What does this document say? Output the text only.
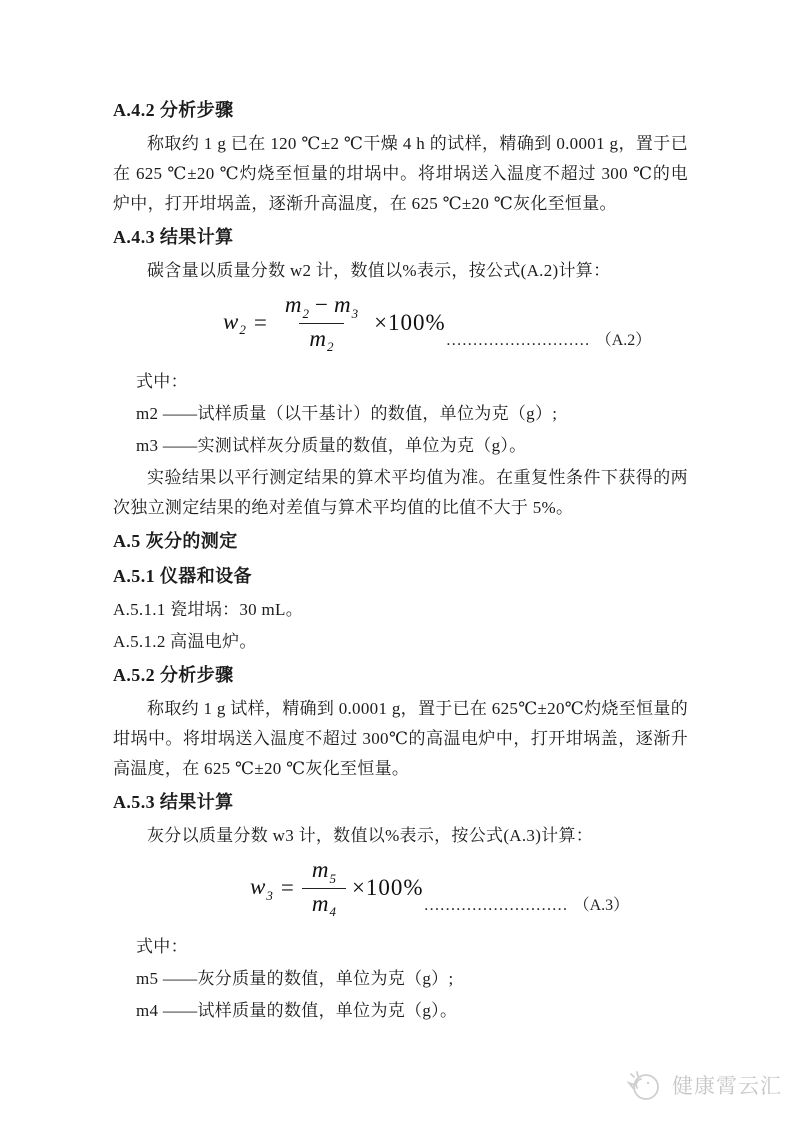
A.4.2 分析步骤

称取约 1 g 已在 120 ℃±2 ℃干燥 4 h 的试样，精确到 0.0001 g，置于已在 625 ℃±20 ℃灼烧至恒量的坩埚中。将坩埚送入温度不超过 300 ℃的电炉中，打开坩埚盖，逐渐升高温度，在 625 ℃±20 ℃灰化至恒量。

A.4.3 结果计算

碳含量以质量分数 w2 计，数值以%表示，按公式(A.2)计算：

$w_2 = \frac{m_2 - m_3}{m_2} \times 100\%$
……………………… （A.2）

式中：

m2 ——试样质量（以干基计）的数值，单位为克（g）;

m3 ——实测试样灰分质量的数值，单位为克（g）。

实验结果以平行测定结果的算术平均值为准。在重复性条件下获得的两次独立测定结果的绝对差值与算术平均值的比值不大于 5%。

A.5 灰分的测定
A.5.1 仪器和设备

A.5.1.1 瓷坩埚：30 mL。

A.5.1.2 高温电炉。

A.5.2 分析步骤

称取约 1 g 试样，精确到 0.0001 g，置于已在 625℃±20℃灼烧至恒量的坩埚中。将坩埚送入温度不超过 300℃的高温电炉中，打开坩埚盖，逐渐升高温度，在 625 ℃±20 ℃灰化至恒量。

A.5.3 结果计算

灰分以质量分数 w3 计，数值以%表示，按公式(A.3)计算：

$w_3 = \frac{m_5}{m_4} \times 100\%$
……………………… （A.3）

式中：

m5 ——灰分质量的数值，单位为克（g）;

m4 ——试样质量的数值，单位为克（g）。

健康霄云汇
